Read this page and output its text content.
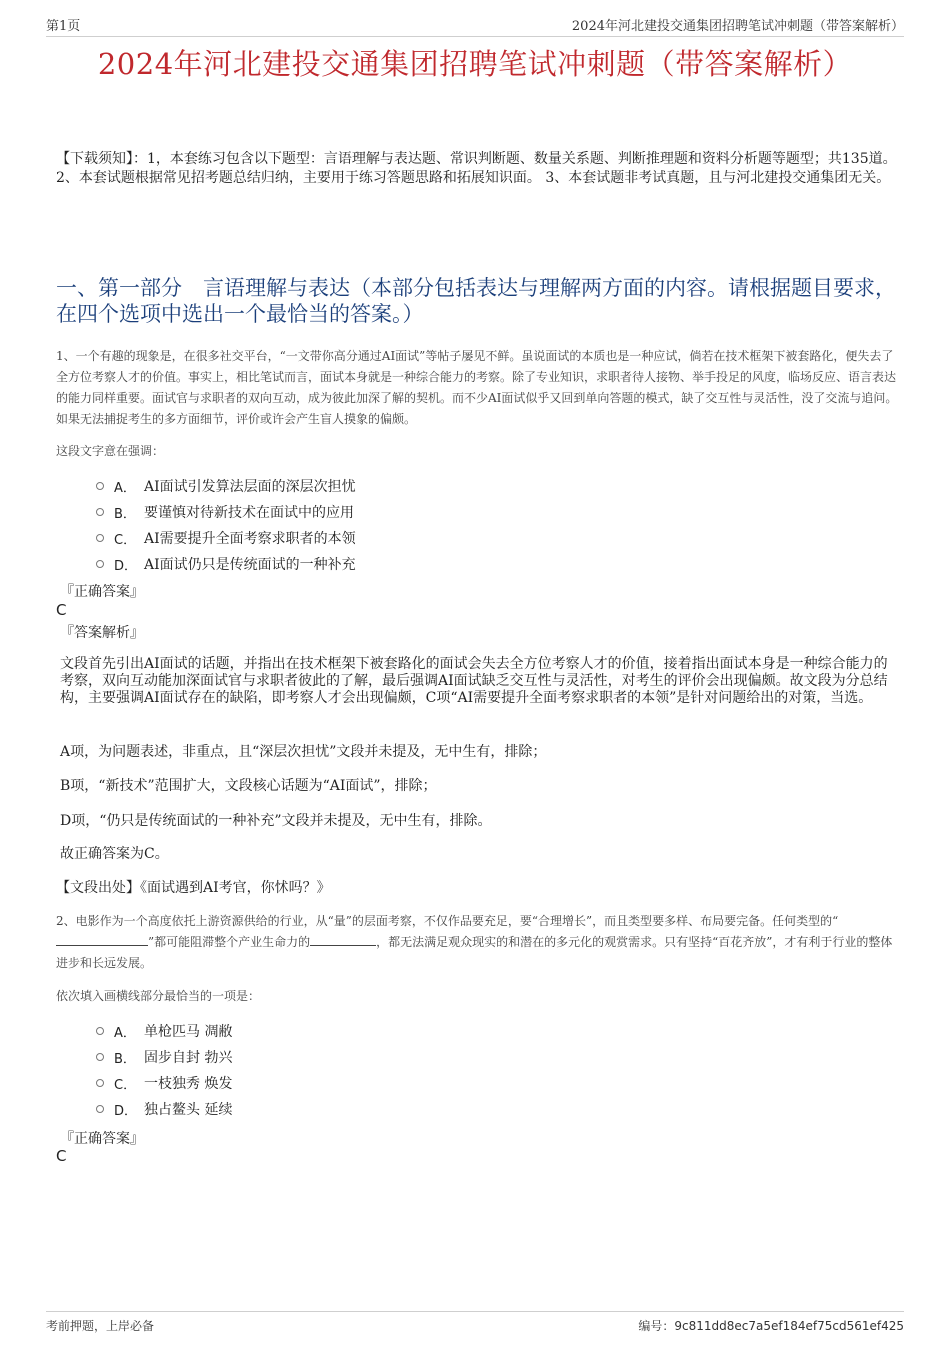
第1页	2024年河北建投交通集团招聘笔试冲刺题（带答案解析）
2024年河北建投交通集团招聘笔试冲刺题（带答案解析）
【下载须知】：1，本套练习包含以下题型：言语理解与表达题、常识判断题、数量关系题、判断推理题和资料分析题等题型；共135道。 2、本套试题根据常见招考题总结归纳，主要用于练习答题思路和拓展知识面。 3、本套试题非考试真题，且与河北建投交通集团无关。
一、第一部分　言语理解与表达（本部分包括表达与理解两方面的内容。请根据题目要求，在四个选项中选出一个最恰当的答案。）
1、一个有趣的现象是，在很多社交平台，“一文带你高分通过AI面试”等帖子屡见不鲜。虽说面试的本质也是一种应试，倘若在技术框架下被套路化，便失去了全方位考察人才的价值。事实上，相比笔试而言，面试本身就是一种综合能力的考察。除了专业知识，求职者待人接物、举手投足的风度，临场反应、语言表达的能力同样重要。面试官与求职者的双向互动，成为彼此加深了解的契机。而不少AI面试似乎又回到单向答题的模式，缺了交互性与灵活性，没了交流与追问。如果无法捕捉考生的多方面细节，评价或许会产生盲人摸象的偏颇。
这段文字意在强调：
A． AI面试引发算法层面的深层次担忧
B． 要谨慎对待新技术在面试中的应用
C． AI需要提升全面考察求职者的本领
D． AI面试仍只是传统面试的一种补充
『正确答案』
C
『答案解析』
文段首先引出AI面试的话题，并指出在技术框架下被套路化的面试会失去全方位考察人才的价值，接着指出面试本身是一种综合能力的考察，双向互动能加深面试官与求职者彼此的了解，最后强调AI面试缺乏交互性与灵活性，对考生的评价会出现偏颇。故文段为分总结构，主要强调AI面试存在的缺陷，即考察人才会出现偏颇，C项“AI需要提升全面考察求职者的本领”是针对问题给出的对策，当选。
A项，为问题表述，非重点，且“深层次担忧”文段并未提及，无中生有，排除；
B项，“新技术”范围扩大，文段核心话题为“AI面试”，排除；
D项，“仍只是传统面试的一种补充”文段并未提及，无中生有，排除。
故正确答案为C。
【文段出处】《面试遇到AI考官，你怵吗？》
2、电影作为一个高度依托上游资源供给的行业，从“量”的层面考察，不仅作品要充足，要“合理增长”，而且类型要多样、布局要完备。任何类型的“”都可能阻滞整个产业生命力的	，都无法满足观众现实的和潜在的多元化的观赏需求。只有坚持“百花齐放”，才有利于行业的整体进步和长远发展。
依次填入画横线部分最恰当的一项是：
A． 单枪匹马 凋敝
B． 固步自封 勃兴
C． 一枝独秀 焕发
D． 独占鳌头 延续
『正确答案』
C
考前押题，上岸必备	编号：9c811dd8ec7a5ef184ef75cd561ef425
